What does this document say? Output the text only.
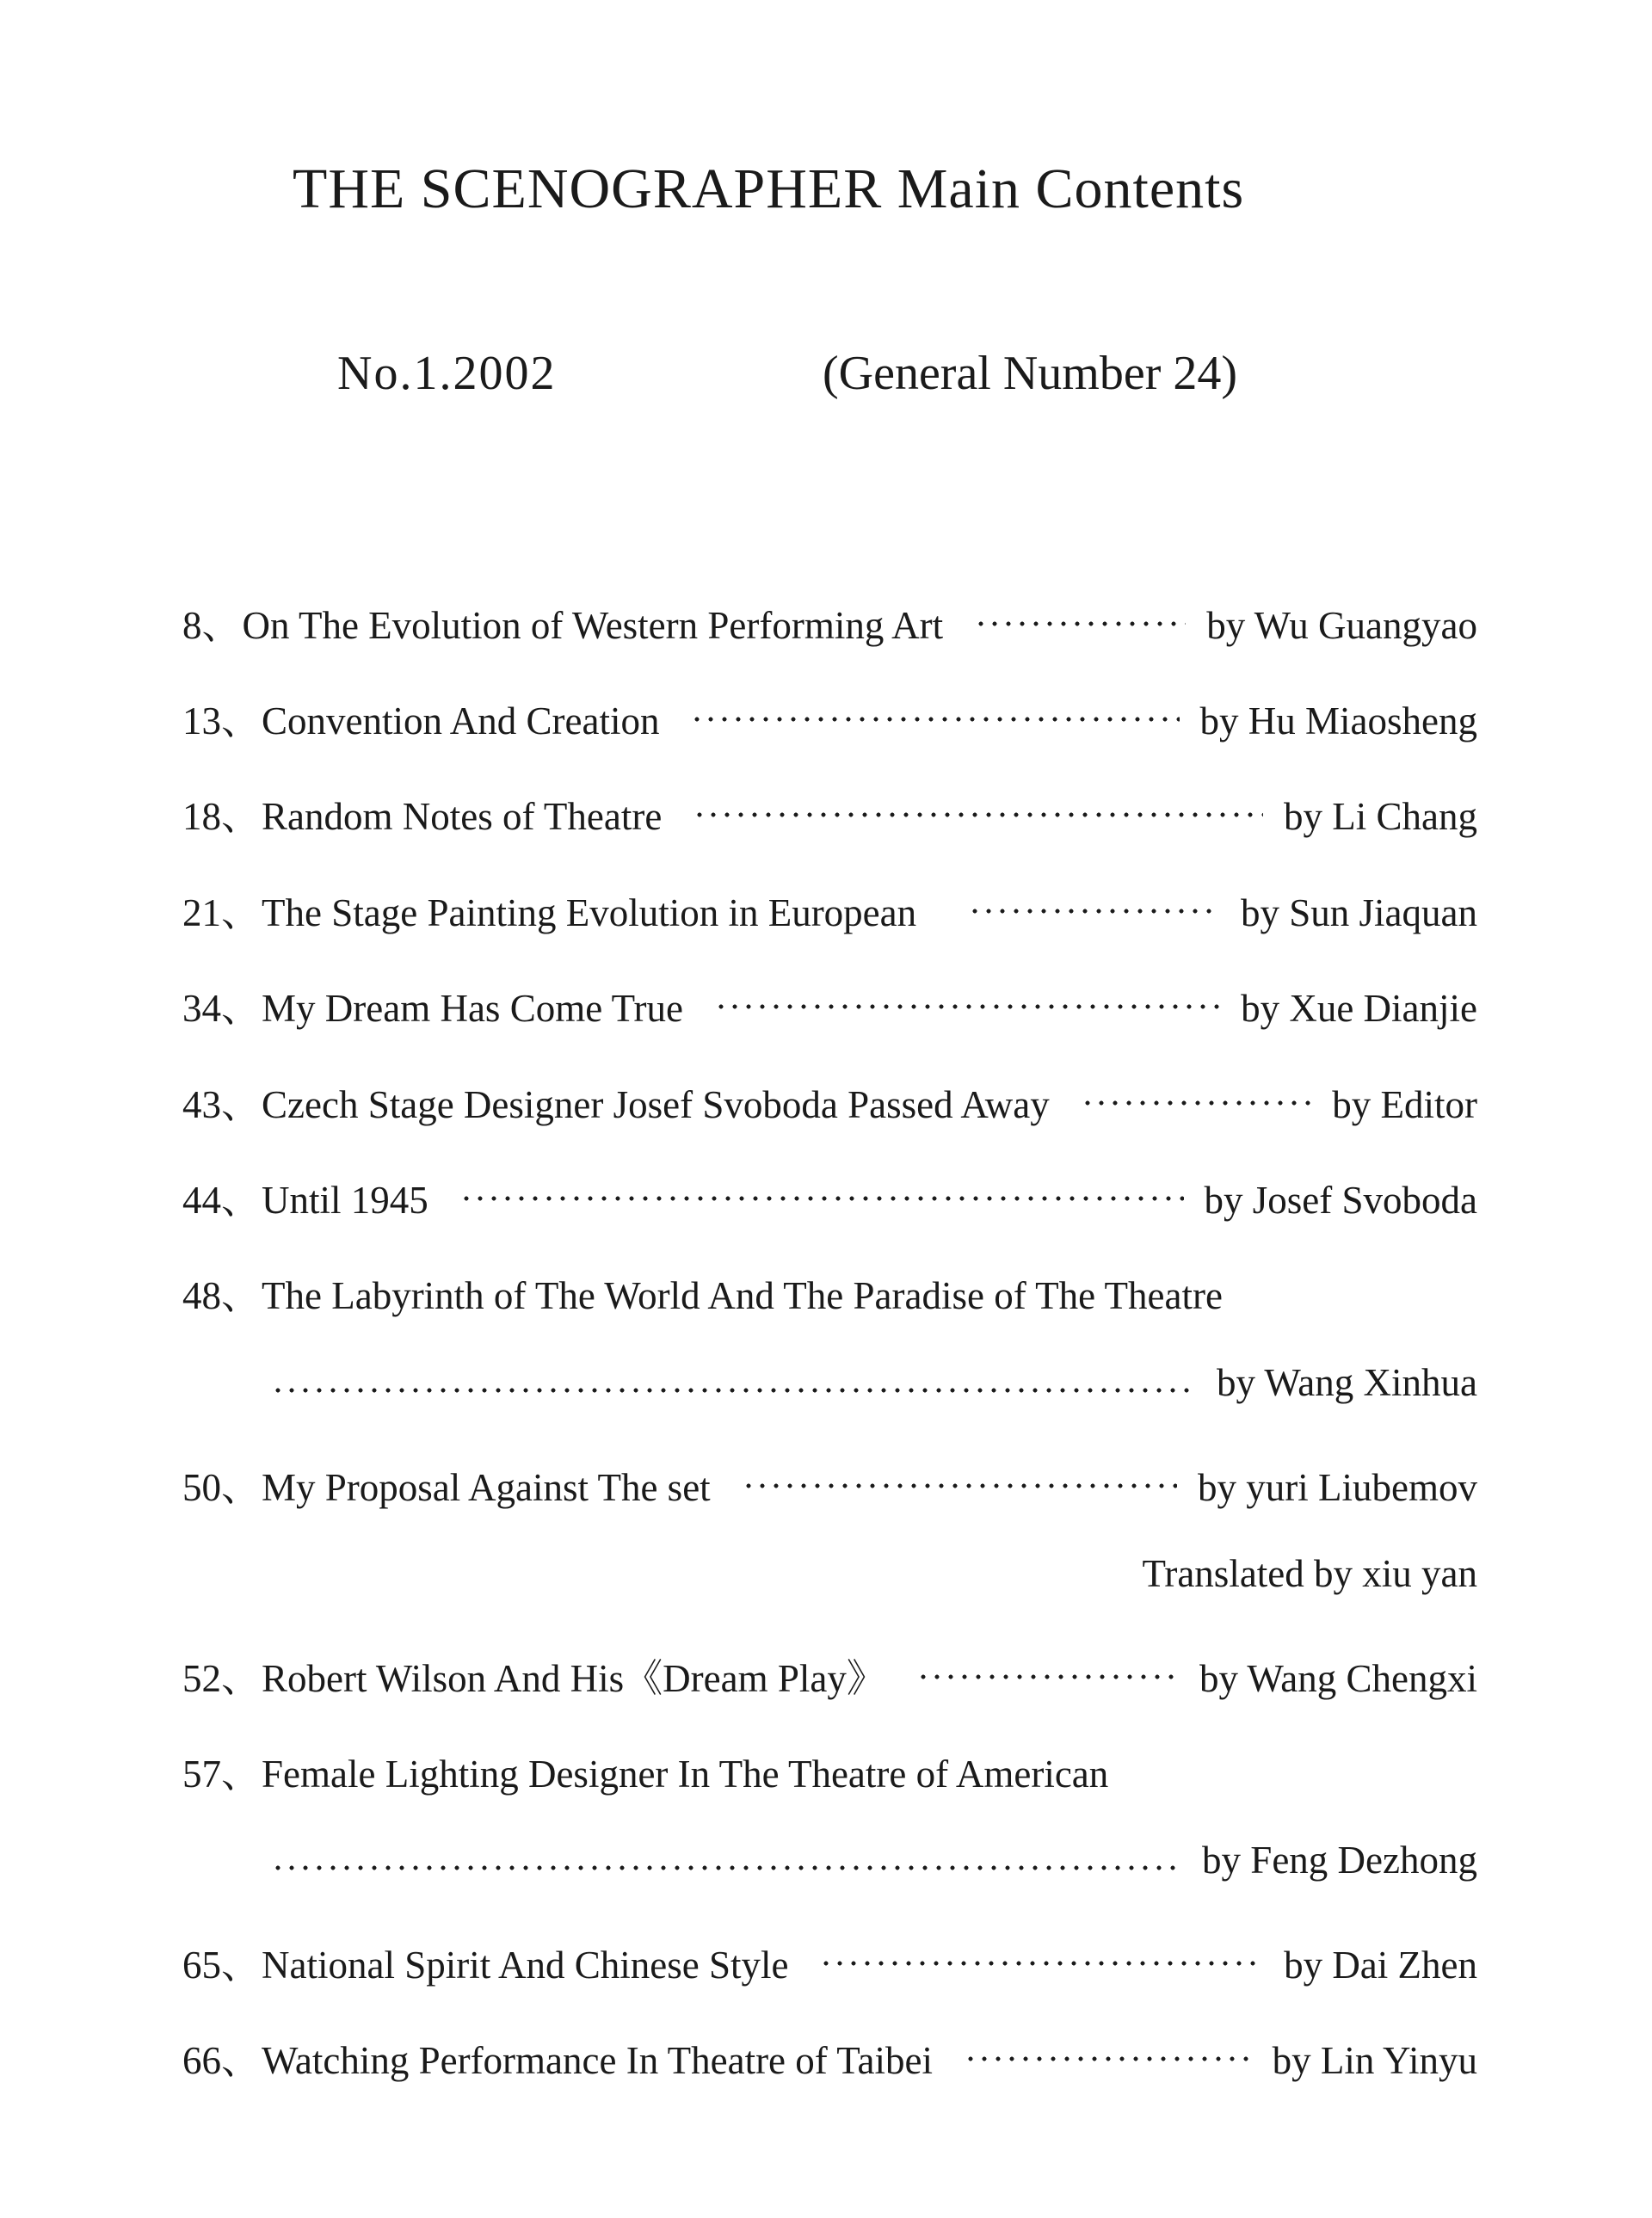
THE SCENOGRAPHER Main Contents
No.1.2002	(General Number 24)
8 、 On The Evolution of Western Performing Art	by Wu Guangyao
13 、 Convention And Creation	by Hu Miaosheng
18 、 Random Notes of Theatre	by Li Chang
21 、 The Stage Painting Evolution in European	by Sun Jiaquan
34 、 My Dream Has Come True	by Xue Dianjie
43 、 Czech Stage Designer Josef Svoboda Passed Away	by Editor
44 、 Until 1945	by Josef Svoboda
48 、 The Labyrinth of The World And The Paradise of The Theatre
by Wang Xinhua
50 、 My Proposal Against The set	by yuri Liubemov
Translated by xiu yan
52 、 Robert Wilson And His《Dream Play》	by Wang Chengxi
57 、 Female Lighting Designer In The Theatre of American
by Feng Dezhong
65 、 National Spirit And Chinese Style	by Dai Zhen
66 、 Watching Performance In Theatre of Taibei	by Lin Yinyu
